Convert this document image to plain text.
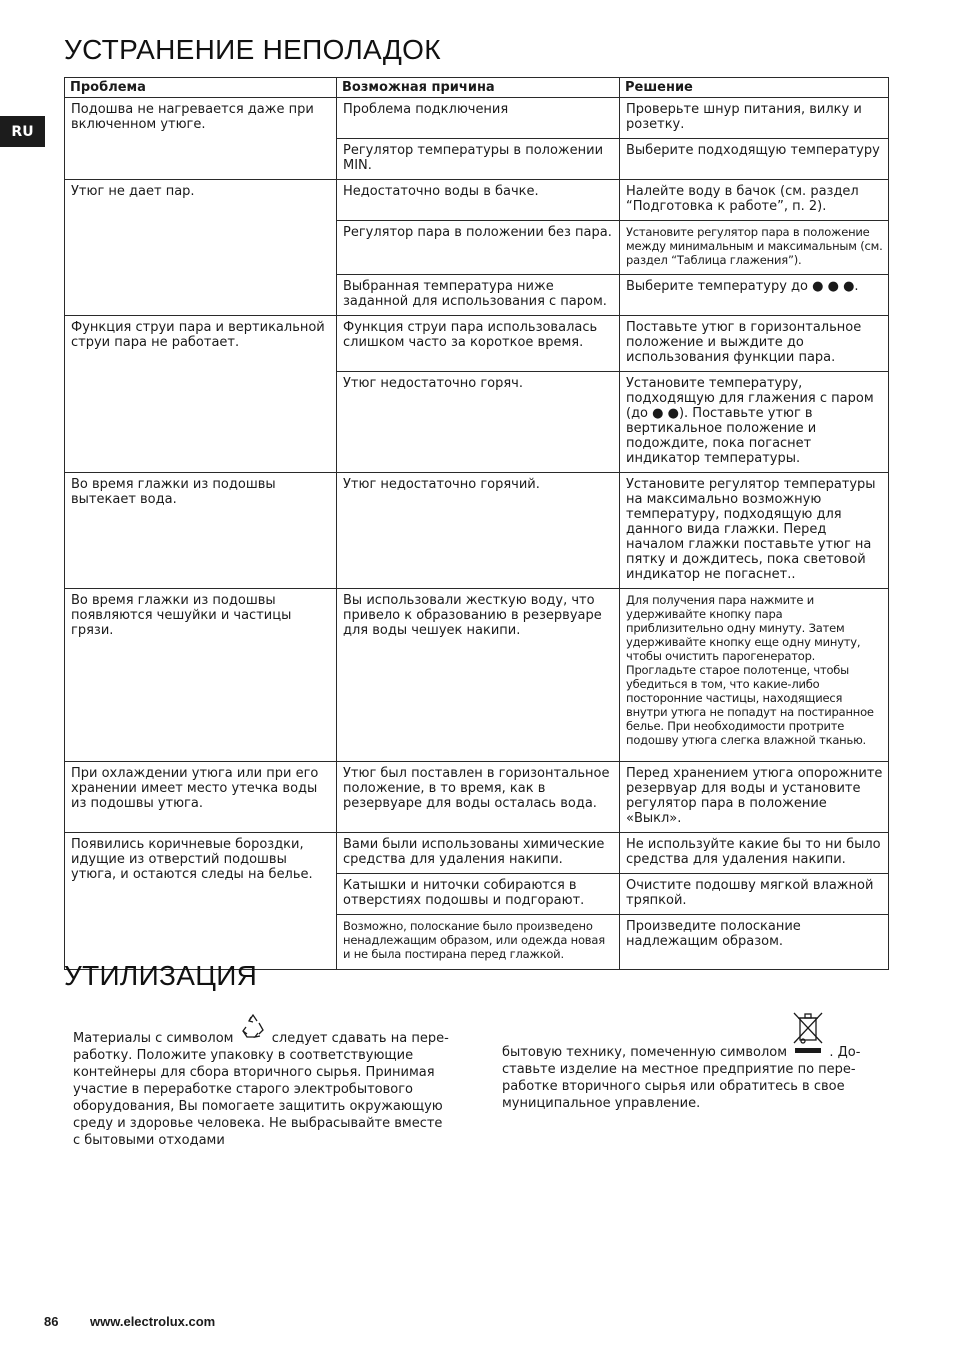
УСТРАНЕНИЕ НЕПОЛАДОК
RU
Проблема	Возможная причина	Решение
Подошва не нагревается даже при включенном утюге.	Проблема подключения	Проверьте шнур питания, вилку и розетку.
	Регулятор температуры в положении MIN.	Выберите подходящую температуру
Утюг не дает пар.	Недостаточно воды в бачке.	Налейте воду в бачок (см. раздел “Подготовка к работе”, п. 2).
	Регулятор пара в положении без пара.	Установите регулятор пара в положение между минимальным и максимальным (см. раздел “Таблица глажения”).
	Выбранная температура ниже заданной для использования с паром.	Выберите температуру до ● ● ●.
Функция струи пара и вертикальной струи пара не работает.	Функция струи пара использовалась слишком часто за короткое время.	Поставьте утюг в горизонтальное положение и выждите до использования функции пара.
	Утюг недостаточно горяч.	Установите температуру, подходящую для глажения с паром (до ● ●). Поставьте утюг в вертикальное положение и подождите, пока погаснет индикатор температуры.
Во время глажки из подошвы вытекает вода.	Утюг недостаточно горячий.	Установите регулятор температуры на максимально возможную температуру, подходящую для данного вида глажки. Перед началом глажки поставьте утюг на пятку и дождитесь, пока световой индикатор не погаснет..
Во время глажки из подошвы появляются чешуйки и частицы грязи.	Вы использовали жесткую воду, что привело к образованию в резервуаре для воды чешуек накипи.	Для получения пара нажмите и удерживайте кнопку пара приблизительно одну минуту. Затем удерживайте кнопку еще одну минуту, чтобы очистить парогенератор. Прогладьте старое полотенце, чтобы убедиться в том, что какие-либо посторонние частицы, находящиеся внутри утюга не попадут на постиранное белье. При необходимости протрите подошву утюга слегка влажной тканью.
При охлаждении утюга или при его хранении имеет место утечка воды из подошвы утюга.	Утюг был поставлен в горизонтальное положение, в то время, как в резервуаре для воды осталась вода.	Перед хранением утюга опорожните резервуар для воды и установите регулятор пара в положение «Выкл».
Появились коричневые бороздки, идущие из отверстий подошвы утюга, и остаются следы на белье.	Вами были использованы химические средства для удаления накипи.	Не используйте какие бы то ни было средства для удаления накипи.
	Катышки и ниточки собираются в отверстиях подошвы и подгорают.	Очистите подошву мягкой влажной тряпкой.
	Возможно, полоскание было произведено ненадлежащим образом, или одежда новая и не была постирана перед глажкой.	Произведите полоскание надлежащим образом.
УТИЛИЗАЦИЯ
Материалы с символом	следует сдавать на пере-работку. Положите упаковку в соответствующие контейнеры для сбора вторичного сырья. Принимая участие в переработке старого электробытового оборудования, Вы помогаете защитить окружающую среду и здоровье человека. Не выбрасывайте вместе с бытовыми отходами
бытовую технику, помеченную символом	. До-ставьте изделие на местное предприятие по пере-работке вторичного сырья или обратитесь в свое муниципальное управление.
86 www.electrolux.com
